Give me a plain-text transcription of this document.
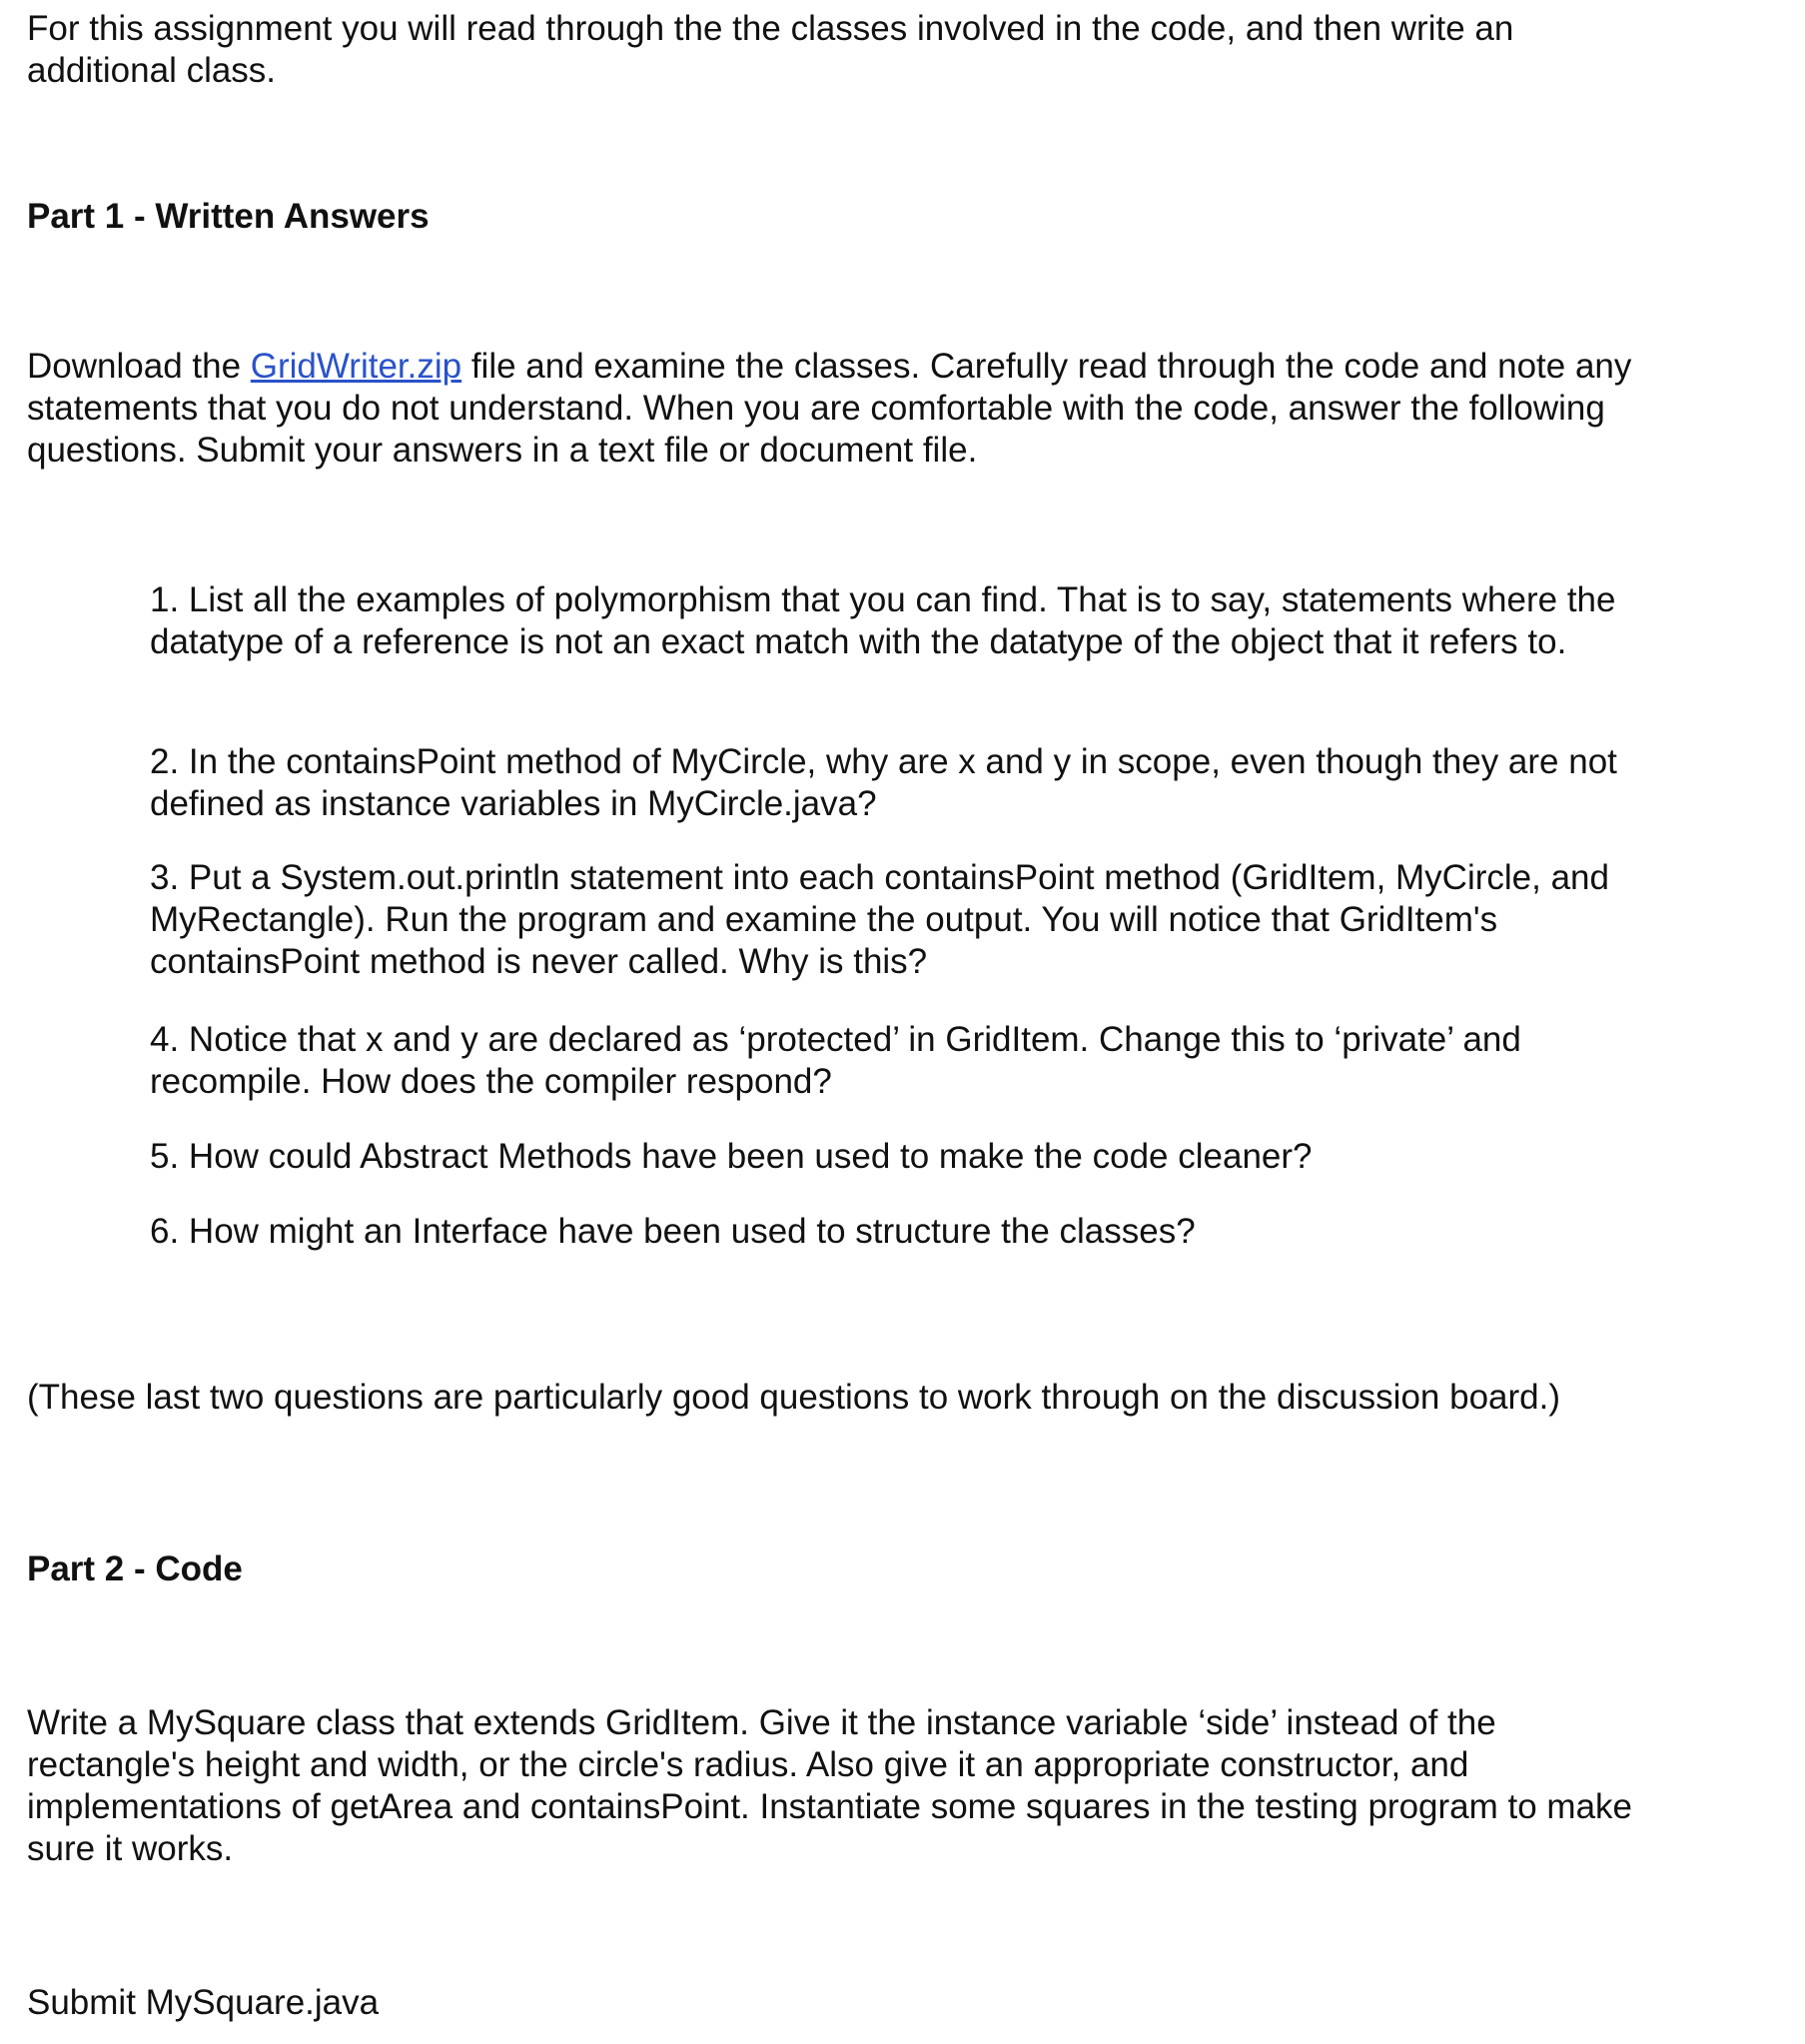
For this assignment you will read through the the classes involved in the code, and then write an additional class.

Part 1 - Written Answers

Download the GridWriter.zip file and examine the classes. Carefully read through the code and note any statements that you do not understand. When you are comfortable with the code, answer the following questions. Submit your answers in a text file or document file.

1. List all the examples of polymorphism that you can find. That is to say, statements where the datatype of a reference is not an exact match with the datatype of the object that it refers to.

2. In the containsPoint method of MyCircle, why are x and y in scope, even though they are not defined as instance variables in MyCircle.java?

3. Put a System.out.println statement into each containsPoint method (GridItem, MyCircle, and MyRectangle). Run the program and examine the output. You will notice that GridItem's containsPoint method is never called. Why is this?

4. Notice that x and y are declared as ‘protected’ in GridItem. Change this to ‘private’ and recompile. How does the compiler respond?

5. How could Abstract Methods have been used to make the code cleaner?

6. How might an Interface have been used to structure the classes?

(These last two questions are particularly good questions to work through on the discussion board.)

Part 2 - Code

Write a MySquare class that extends GridItem. Give it the instance variable ‘side’ instead of the rectangle's height and width, or the circle's radius. Also give it an appropriate constructor, and implementations of getArea and containsPoint. Instantiate some squares in the testing program to make sure it works.

Submit MySquare.java
